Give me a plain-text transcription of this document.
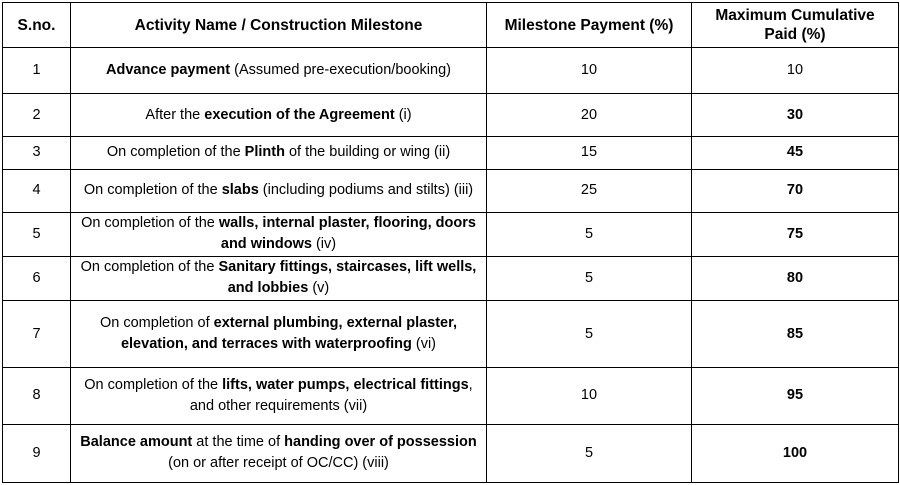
S.no.	Activity Name / Construction Milestone	Milestone Payment (%)	Maximum Cumulative Paid (%)
1	Advance payment (Assumed pre-execution/booking)	10	10
2	After the execution of the Agreement (i)	20	30
3	On completion of the Plinth of the building or wing (ii)	15	45
4	On completion of the slabs (including podiums and stilts) (iii)	25	70
5	On completion of the walls, internal plaster, flooring, doors and windows (iv)	5	75
6	On completion of the Sanitary fittings, staircases, lift wells, and lobbies (v)	5	80
7	On completion of external plumbing, external plaster, elevation, and terraces with waterproofing (vi)	5	85
8	On completion of the lifts, water pumps, electrical fittings, and other requirements (vii)	10	95
9	Balance amount at the time of handing over of possession (on or after receipt of OC/CC) (viii)	5	100
